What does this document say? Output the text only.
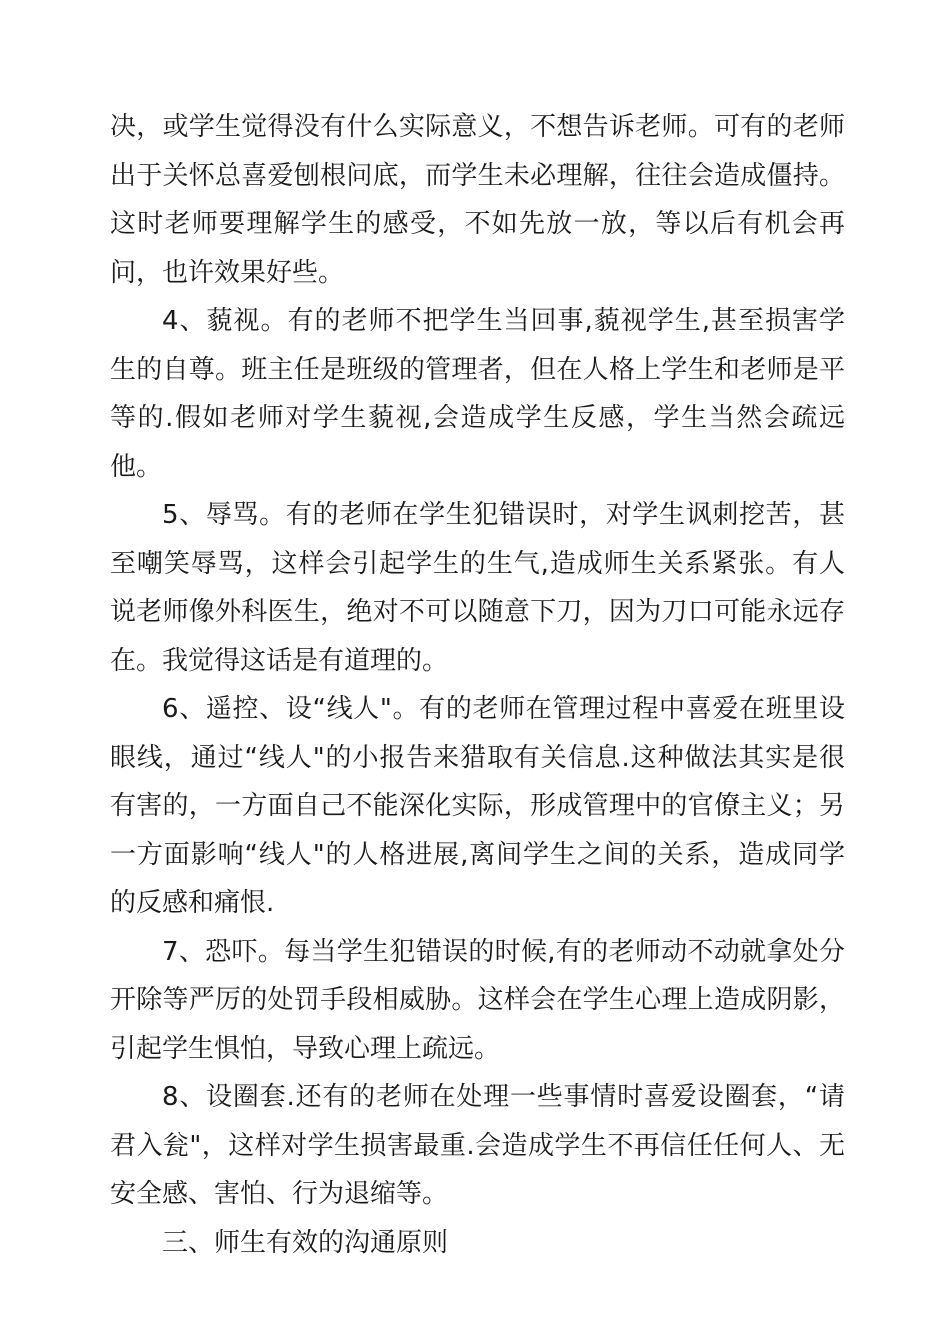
决，或学生觉得没有什么实际意义，不想告诉老师。可有的老师出于关怀总喜爱刨根问底，而学生未必理解，往往会造成僵持。这时老师要理解学生的感受，不如先放一放，等以后有机会再问，也许效果好些。

4、藐视。有的老师不把学生当回事,藐视学生,甚至损害学生的自尊。班主任是班级的管理者，但在人格上学生和老师是平等的.假如老师对学生藐视,会造成学生反感，学生当然会疏远他。

5、辱骂。有的老师在学生犯错误时，对学生讽刺挖苦，甚至嘲笑辱骂，这样会引起学生的生气,造成师生关系紧张。有人说老师像外科医生，绝对不可以随意下刀，因为刀口可能永远存在。我觉得这话是有道理的。

6、遥控、设“线人"。有的老师在管理过程中喜爱在班里设眼线，通过“线人"的小报告来猎取有关信息.这种做法其实是很有害的，一方面自己不能深化实际，形成管理中的官僚主义；另一方面影响“线人"的人格进展,离间学生之间的关系，造成同学的反感和痛恨.

7、恐吓。每当学生犯错误的时候,有的老师动不动就拿处分开除等严厉的处罚手段相威胁。这样会在学生心理上造成阴影，引起学生惧怕，导致心理上疏远。

8、设圈套.还有的老师在处理一些事情时喜爱设圈套，“请君入瓮"，这样对学生损害最重.会造成学生不再信任任何人、无安全感、害怕、行为退缩等。

三、师生有效的沟通原则
